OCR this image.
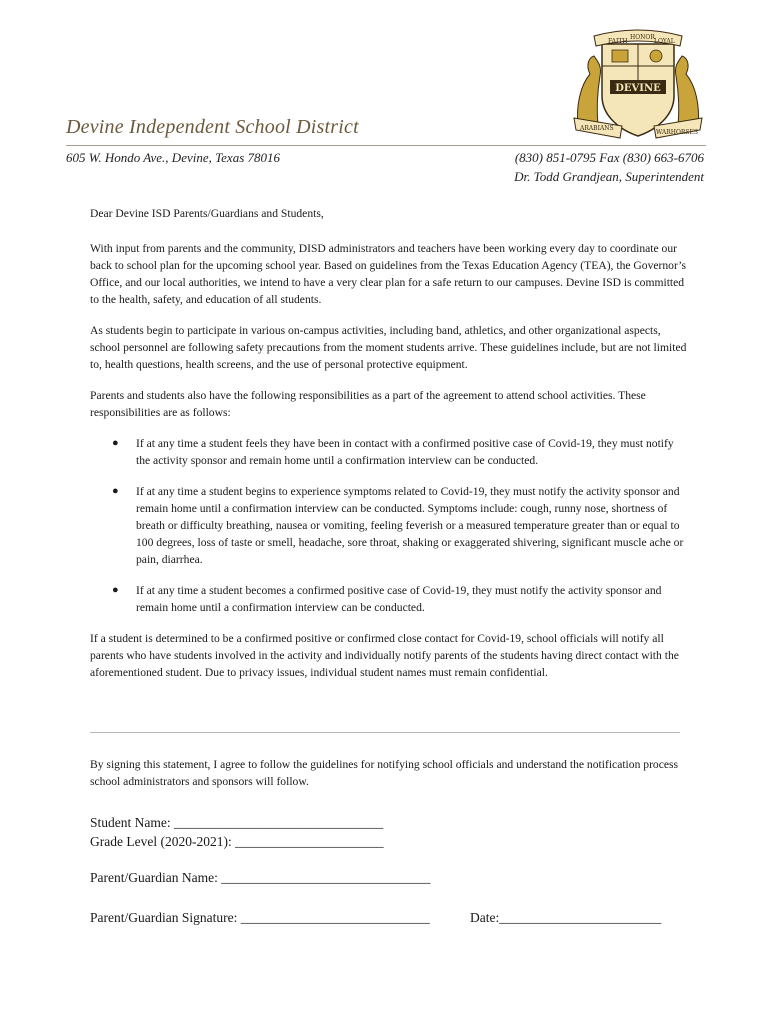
FAITH
HONOR
LOYAL
DEVINE
ARABIANS
WARHORSES
Devine Independent School District
605 W. Hondo Ave., Devine, Texas 78016	(830) 851-0795 Fax (830) 663-6706
Dr. Todd Grandjean, Superintendent

Dear Devine ISD Parents/Guardians and Students,

With input from parents and the community, DISD administrators and teachers have been working every day to coordinate our back to school plan for the upcoming school year. Based on guidelines from the Texas Education Agency (TEA), the Governor’s Office, and our local authorities, we intend to have a very clear plan for a safe return to our campuses. Devine ISD is committed to the health, safety, and education of all students.

As students begin to participate in various on-campus activities, including band, athletics, and other organizational aspects, school personnel are following safety precautions from the moment students arrive. These guidelines include, but are not limited to, health questions, health screens, and the use of personal protective equipment.

Parents and students also have the following responsibilities as a part of the agreement to attend school activities. These responsibilities are as follows:

● If at any time a student feels they have been in contact with a confirmed positive case of Covid-19, they must notify the activity sponsor and remain home until a confirmation interview can be conducted.
● If at any time a student begins to experience symptoms related to Covid-19, they must notify the activity sponsor and remain home until a confirmation interview can be conducted. Symptoms include: cough, runny nose, shortness of breath or difficulty breathing, nausea or vomiting, feeling feverish or a measured temperature greater than or equal to 100 degrees, loss of taste or smell, headache, sore throat, shaking or exaggerated shivering, significant muscle ache or pain, diarrhea.
● If at any time a student becomes a confirmed positive case of Covid-19, they must notify the activity sponsor and remain home until a confirmation interview can be conducted.

If a student is determined to be a confirmed positive or confirmed close contact for Covid-19, school officials will notify all parents who have students involved in the activity and individually notify parents of the students having direct contact with the aforementioned student. Due to privacy issues, individual student names must remain confidential.

By signing this statement, I agree to follow the guidelines for notifying school officials and understand the notification process school administrators and sponsors will follow.
Student Name: _______________________________
Grade Level (2020-2021): ______________________
Parent/Guardian Name: _______________________________
Parent/Guardian Signature: ____________________________	Date:________________________
